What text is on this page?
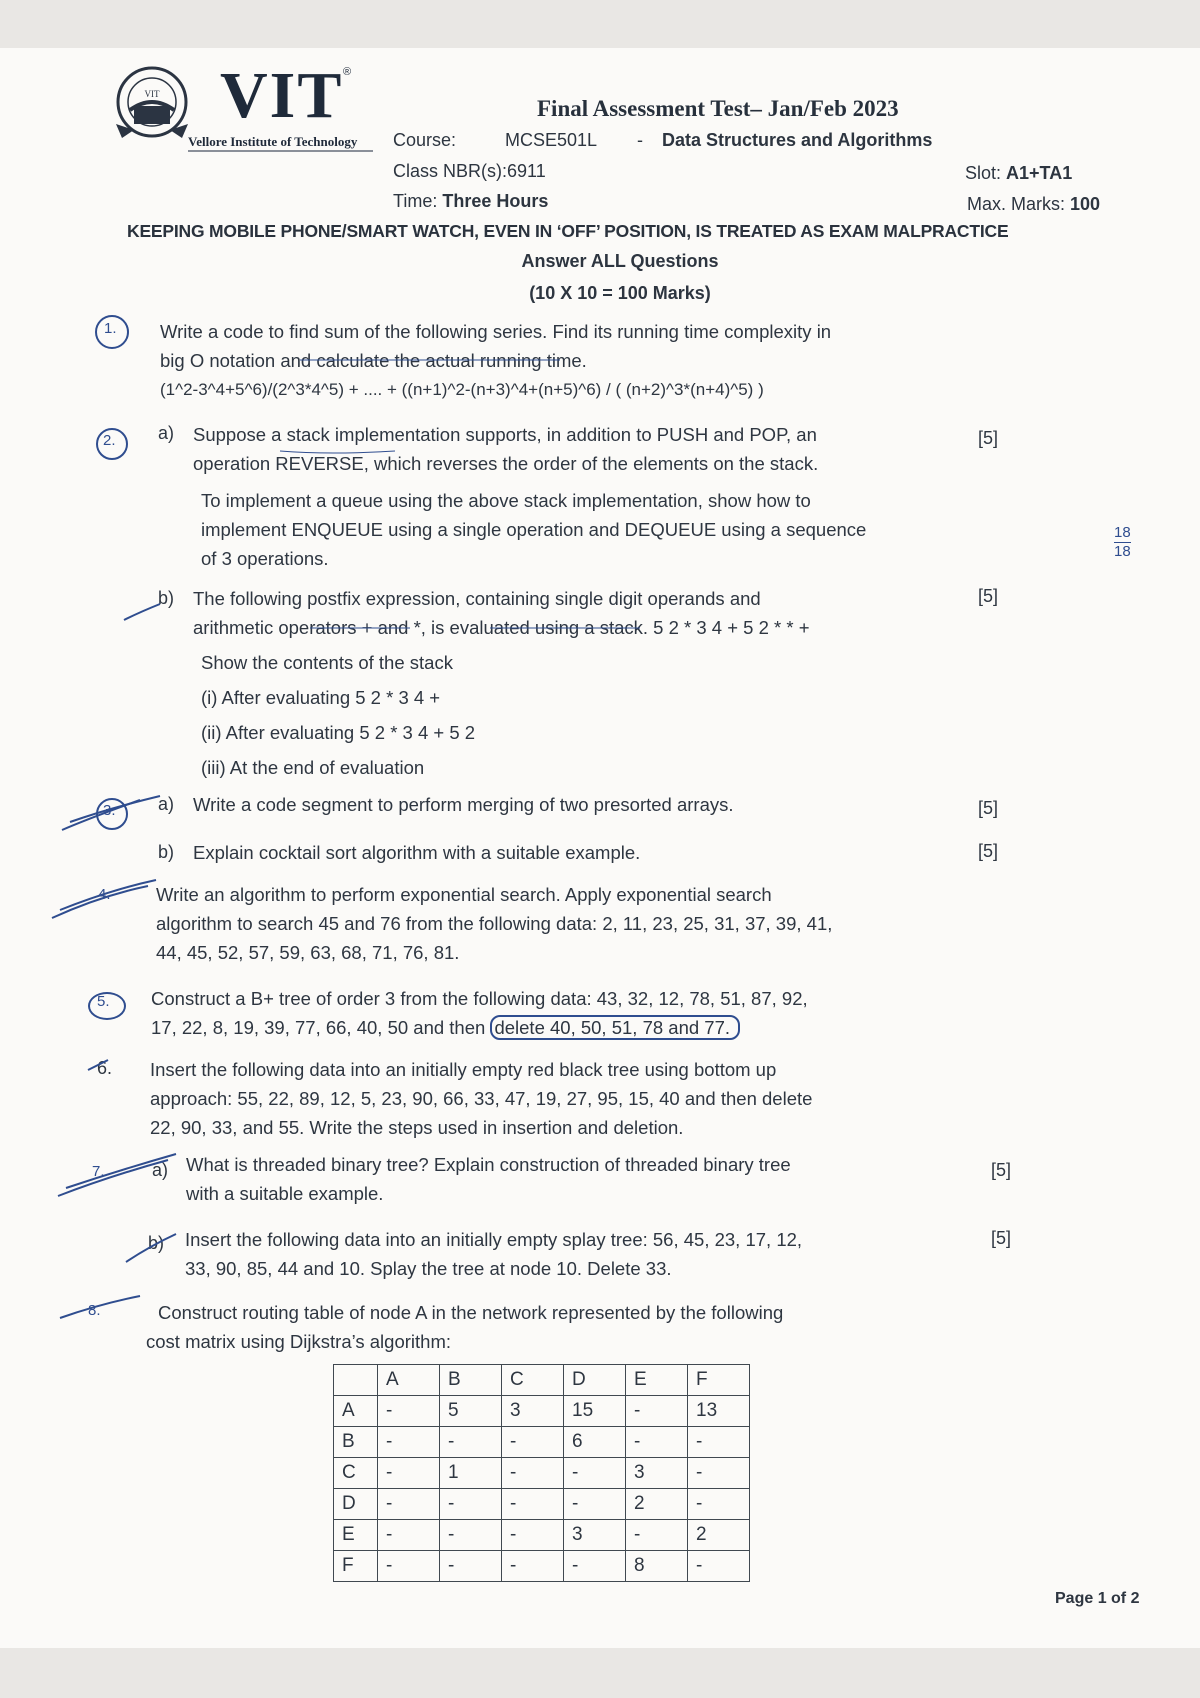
VIT VIT ®
Vellore Institute of Technology
Final Assessment Test– Jan/Feb 2023
Course:	MCSE501L - Data Structures and Algorithms
Class NBR(s):6911
Time: Three Hours
Slot: A1+TA1
Max. Marks: 100
KEEPING MOBILE PHONE/SMART WATCH, EVEN IN ‘OFF’ POSITION, IS TREATED AS EXAM MALPRACTICE
Answer ALL Questions
(10 X 10 = 100 Marks)
1. Write a code to find sum of the following series. Find its running time complexity in
big O notation and calculate the actual running time.
(1^2-3^4+5^6)/(2^3*4^5) + .... + ((n+1)^2-(n+3)^4+(n+5)^6) / ( (n+2)^3*(n+4)^5) )
2. a) Suppose a stack implementation supports, in addition to PUSH and POP, an
operation REVERSE, which reverses the order of the elements on the stack.
To implement a queue using the above stack implementation, show how to
implement ENQUEUE using a single operation and DEQUEUE using a sequence
of 3 operations.
[5]
b) The following postfix expression, containing single digit operands and
arithmetic operators + and *, is evaluated using a stack. 5 2 * 3 4 + 5 2 * * +
Show the contents of the stack
(i) After evaluating 5 2 * 3 4 +
(ii) After evaluating 5 2 * 3 4 + 5 2
(iii) At the end of evaluation
[5]
3. a) Write a code segment to perform merging of two presorted arrays.	[5]
b) Explain cocktail sort algorithm with a suitable example.	[5]
4. Write an algorithm to perform exponential search. Apply exponential search
algorithm to search 45 and 76 from the following data: 2, 11, 23, 25, 31, 37, 39, 41,
44, 45, 52, 57, 59, 63, 68, 71, 76, 81.
5. Construct a B+ tree of order 3 from the following data: 43, 32, 12, 78, 51, 87, 92,
17, 22, 8, 19, 39, 77, 66, 40, 50 and then delete 40, 50, 51, 78 and 77.
6. Insert the following data into an initially empty red black tree using bottom up
approach: 55, 22, 89, 12, 5, 23, 90, 66, 33, 47, 19, 27, 95, 15, 40 and then delete
22, 90, 33, and 55. Write the steps used in insertion and deletion.
7.	a) What is threaded binary tree? Explain construction of threaded binary tree
with a suitable example.
[5]
b) Insert the following data into an initially empty splay tree: 56, 45, 23, 17, 12,
33, 90, 85, 44 and 10. Splay the tree at node 10. Delete 33.
[5]
8.	Construct routing table of node A in the network represented by the following
cost matrix using Dijkstra’s algorithm:
	A	B	C	D	E	F
A	-	5	3	15	-	13
B	-	-	-	6	-	-
C	-	1	-	-	3	-
D	-	-	-	-	2	-
E	-	-	-	3	-	2
F	-	-	-	-	8	-
18
18
Page 1 of 2
